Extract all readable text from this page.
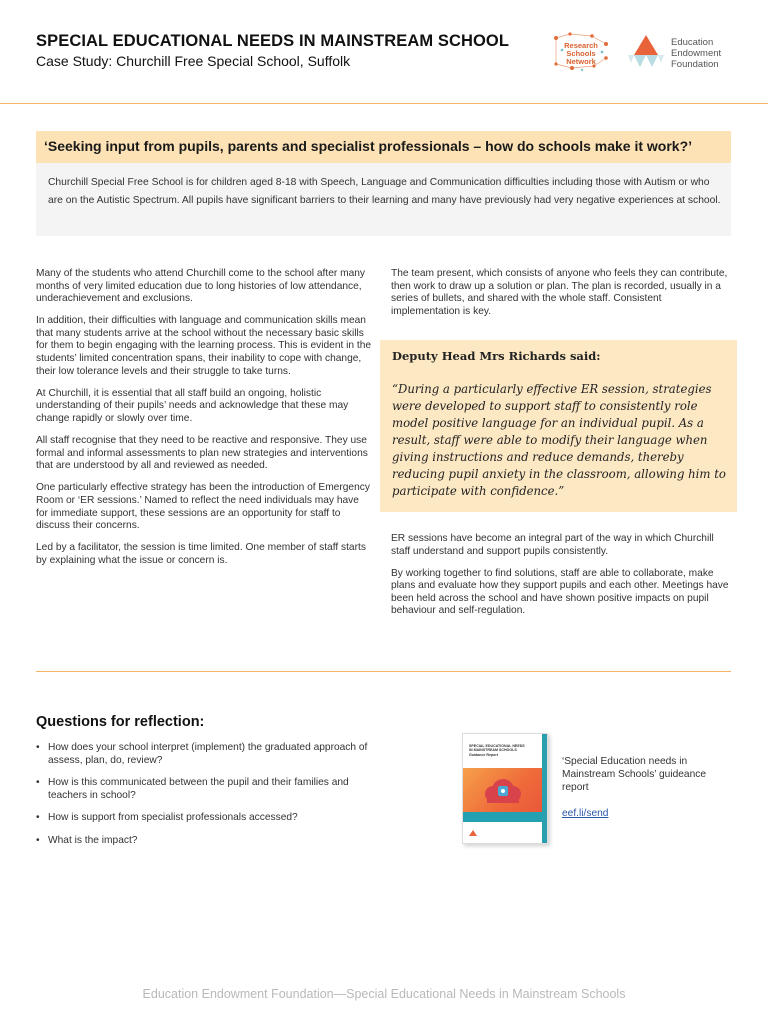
SPECIAL EDUCATIONAL NEEDS IN MAINSTREAM SCHOOL
Case Study: Churchill Free Special School, Suffolk
Research Schools Network
Education
Endowment
Foundation
‘Seeking input from pupils, parents and specialist professionals – how do schools make it work?’
Churchill Special Free School is for children aged 8-18 with Speech, Language and Communication difficulties including those with Autism or who are on the Autistic Spectrum. All pupils have significant barriers to their learning and many have previously had very negative experiences at school.

Many of the students who attend Churchill come to the school after many months of very limited education due to long histories of low attendance, underachievement and exclusions.

In addition, their difficulties with language and communication skills mean that many students arrive at the school without the necessary basic skills for them to begin engaging with the learning process. This is evident in the students’ limited concentration spans, their inability to cope with change, their low tolerance levels and their struggle to take turns.

At Churchill, it is essential that all staff build an ongoing, holistic understanding of their pupils’ needs and acknowledge that these may change rapidly or slowly over time.

All staff recognise that they need to be reactive and responsive. They use formal and informal assessments to plan new strategies and interventions that are understood by all and reviewed as needed.

One particularly effective strategy has been the introduction of Emergency Room or ‘ER sessions.’ Named to reflect the need individuals may have for immediate support, these sessions are an opportunity for staff to discuss their concerns.

Led by a facilitator, the session is time limited. One member of staff starts by explaining what the issue or concern is.

The team present, which consists of anyone who feels they can contribute, then work to draw up a solution or plan. The plan is recorded, usually in a series of bullets, and shared with the whole staff. Consistent implementation is key.

Deputy Head Mrs Richards said:
“During a particularly effective ER session, strategies were developed to support staff to consistently role model positive language for an individual pupil. As a result, staff were able to modify their language when giving instructions and reduce demands, thereby reducing pupil anxiety in the classroom, allowing him to participate with confidence.”

ER sessions have become an integral part of the way in which Churchill staff understand and support pupils consistently.

By working together to find solutions, staff are able to collaborate, make plans and evaluate how they support pupils and each other. Meetings have been held across the school and have shown positive impacts on pupil behaviour and self-regulation.

Questions for reflection:
• How does your school interpret (implement) the graduated approach of assess, plan, do, review?
• How is this communicated between the pupil and their families and teachers in school?
• How is support from specialist professionals accessed?
• What is the impact?
SPECIAL EDUCATIONAL NEEDS IN MAINSTREAM SCHOOLS Guidance Report
‘Special Education needs in Mainstream Schools’ guideance report
eef.li/send
Education Endowment Foundation—Special Educational Needs in Mainstream Schools
